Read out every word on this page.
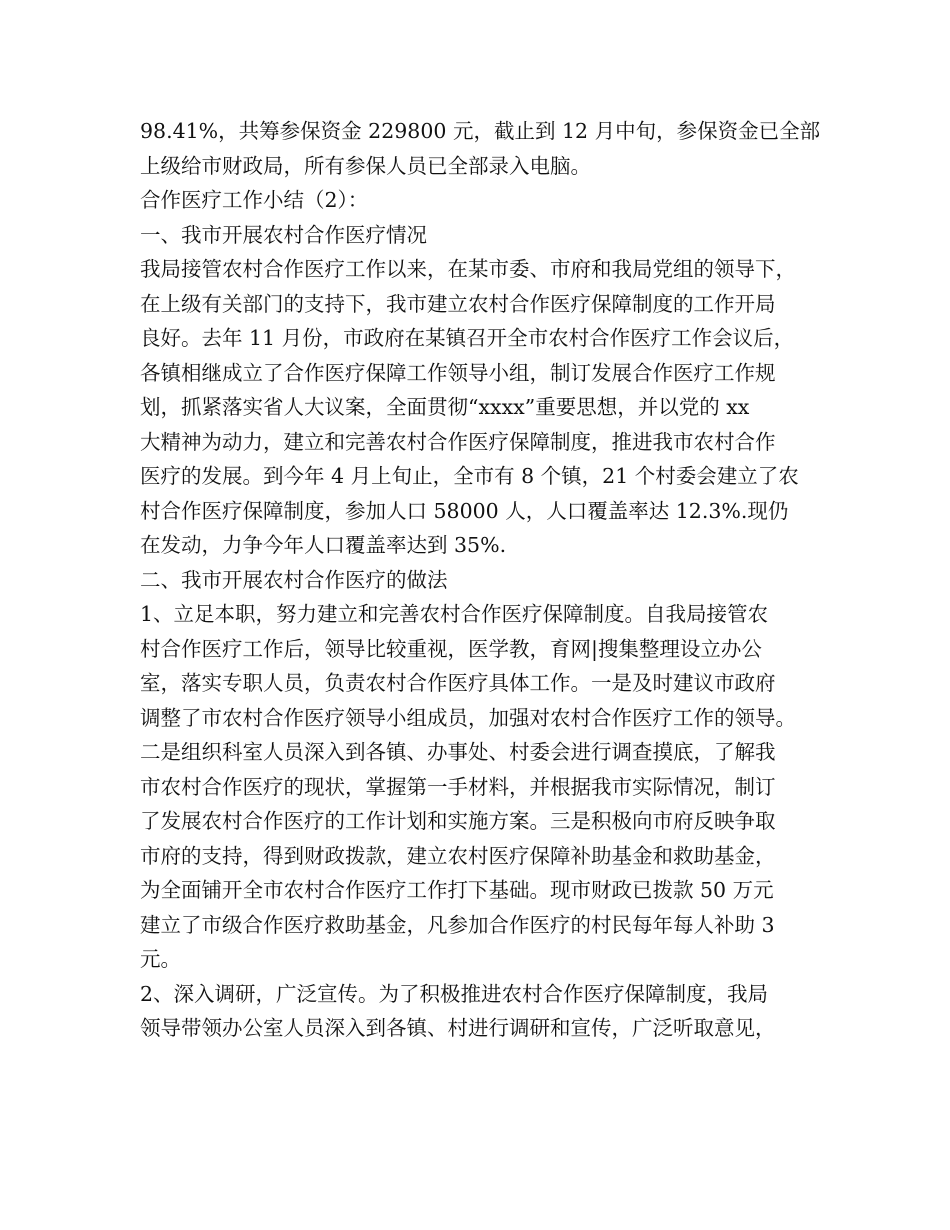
98.41%，共筹参保资金 229800 元，截止到 12 月中旬，参保资金已全部
上级给市财政局，所有参保人员已全部录入电脑。
合作医疗工作小结（2）：
一、我市开展农村合作医疗情况
我局接管农村合作医疗工作以来，在某市委、市府和我局党组的领导下，
在上级有关部门的支持下，我市建立农村合作医疗保障制度的工作开局
良好。去年 11 月份，市政府在某镇召开全市农村合作医疗工作会议后，
各镇相继成立了合作医疗保障工作领导小组，制订发展合作医疗工作规
划，抓紧落实省人大议案，全面贯彻“xxxx”重要思想，并以党的 xx
大精神为动力，建立和完善农村合作医疗保障制度，推进我市农村合作
医疗的发展。到今年 4 月上旬止，全市有 8 个镇，21 个村委会建立了农
村合作医疗保障制度，参加人口 58000 人，人口覆盖率达 12.3%.现仍
在发动，力争今年人口覆盖率达到 35%.
二、我市开展农村合作医疗的做法
1、立足本职，努力建立和完善农村合作医疗保障制度。自我局接管农
村合作医疗工作后，领导比较重视，医学教，育网|搜集整理设立办公
室，落实专职人员，负责农村合作医疗具体工作。一是及时建议市政府
调整了市农村合作医疗领导小组成员，加强对农村合作医疗工作的领导。
二是组织科室人员深入到各镇、办事处、村委会进行调查摸底，了解我
市农村合作医疗的现状，掌握第一手材料，并根据我市实际情况，制订
了发展农村合作医疗的工作计划和实施方案。三是积极向市府反映争取
市府的支持，得到财政拨款，建立农村医疗保障补助基金和救助基金，
为全面铺开全市农村合作医疗工作打下基础。现市财政已拨款 50 万元
建立了市级合作医疗救助基金，凡参加合作医疗的村民每年每人补助 3
元。
2、深入调研，广泛宣传。为了积极推进农村合作医疗保障制度，我局
领导带领办公室人员深入到各镇、村进行调研和宣传，广泛听取意见，
